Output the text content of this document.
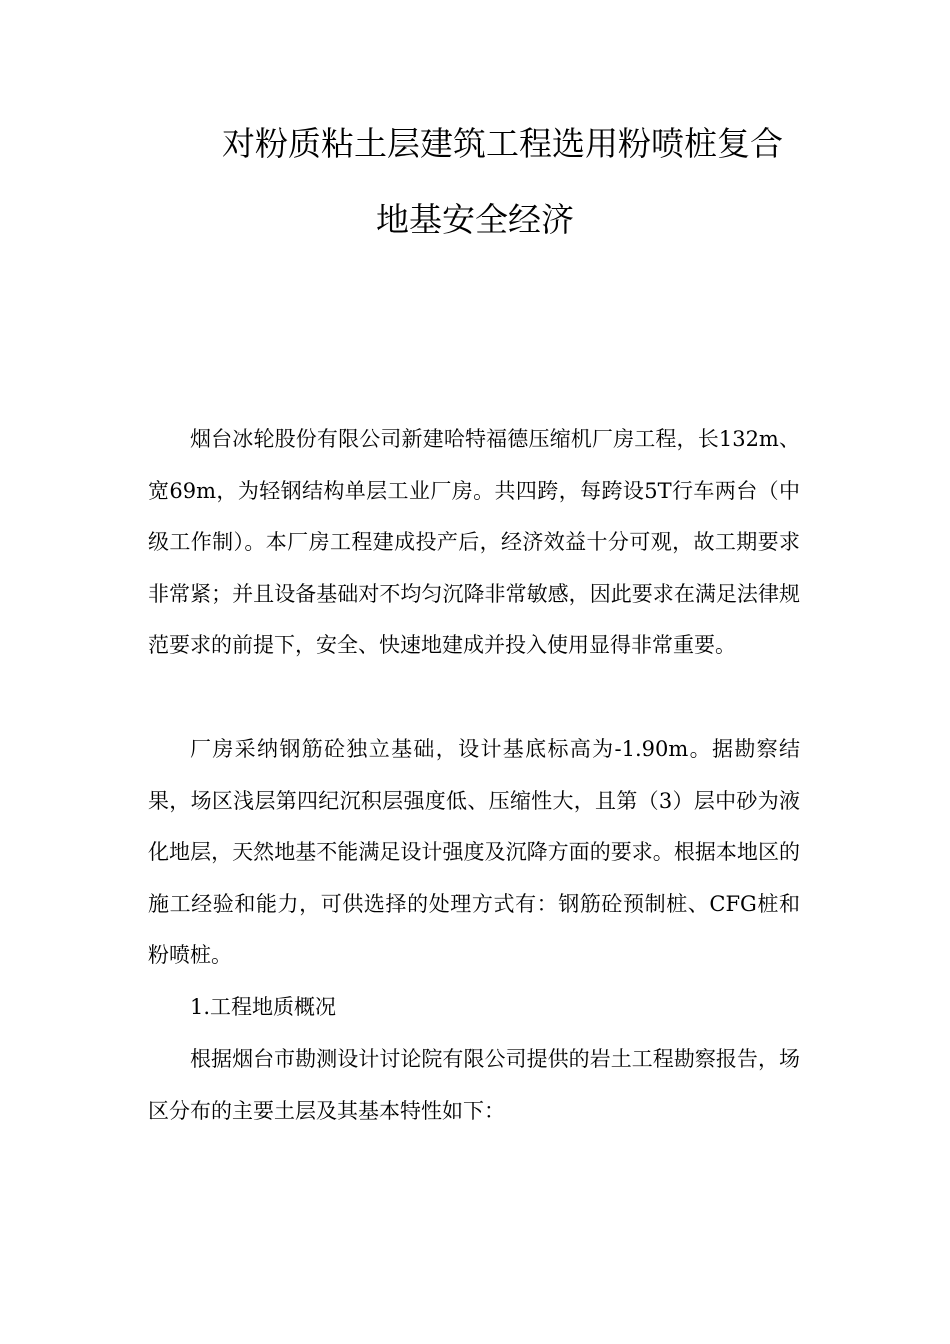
对粉质粘土层建筑工程选用粉喷桩复合
地基安全经济

烟台冰轮股份有限公司新建哈特福德压缩机厂房工程，长132m、宽69m，为轻钢结构单层工业厂房。共四跨，每跨设5T行车两台（中级工作制）。本厂房工程建成投产后，经济效益十分可观，故工期要求非常紧；并且设备基础对不均匀沉降非常敏感，因此要求在满足法律规范要求的前提下，安全、快速地建成并投入使用显得非常重要。

厂房采纳钢筋砼独立基础，设计基底标高为-1.90m。据勘察结果，场区浅层第四纪沉积层强度低、压缩性大，且第（3）层中砂为液化地层，天然地基不能满足设计强度及沉降方面的要求。根据本地区的施工经验和能力，可供选择的处理方式有：钢筋砼预制桩、CFG桩和粉喷桩。

1.工程地质概况

根据烟台市勘测设计讨论院有限公司提供的岩土工程勘察报告，场区分布的主要土层及其基本特性如下：
